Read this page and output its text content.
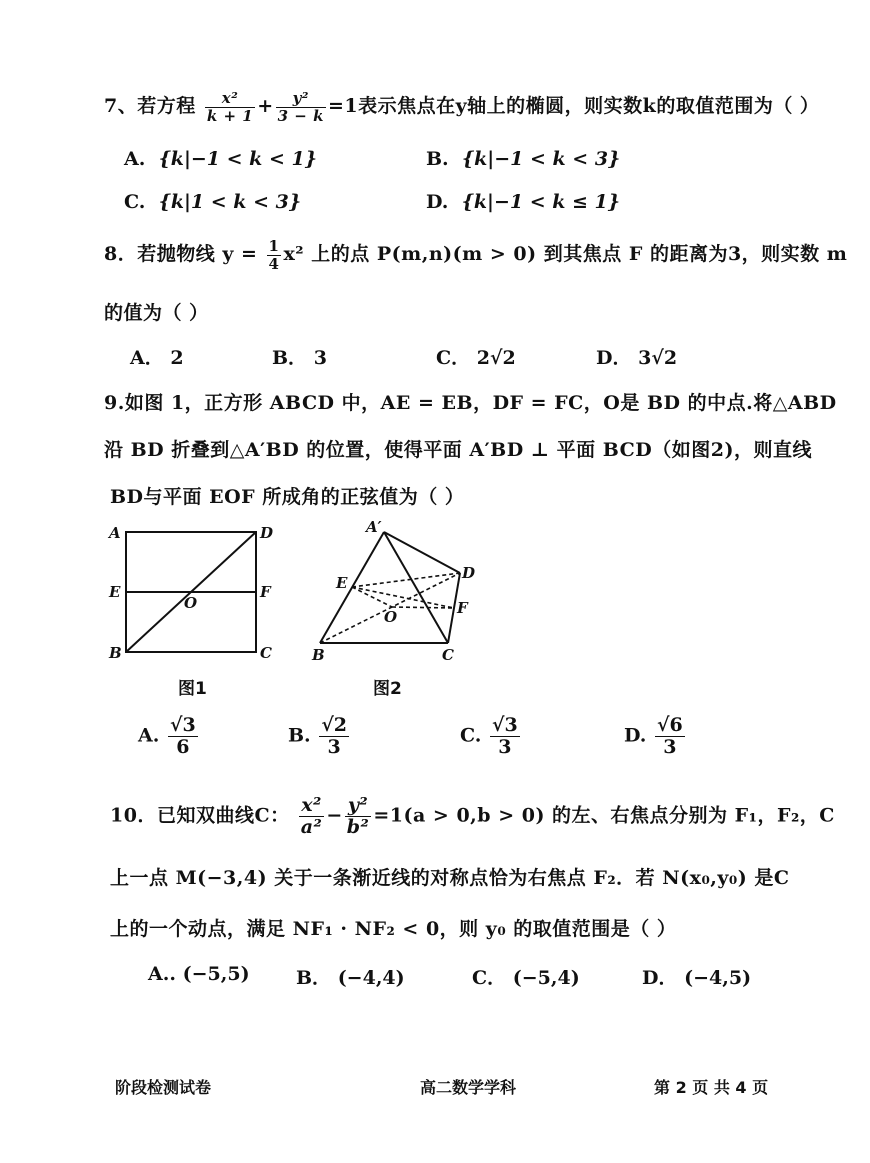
7、若方程 $\frac{\text{x²}}{k + 1} + \frac{\text{y²}}{3 - k} =1$表示焦点在y轴上的椭圆，则实数k的取值范围为（ ）
A. {k|−1 < k < 1}	B. {k|−1 < k < 3}
C. {k|1 < k < 3}	D. {k|−1 < k ≤ 1}
8．若抛物线 $y = \frac{1}{4} x^2$ 上的点 P(m,n)(m > 0) 到其焦点 F 的距离为3，则实数 m
的值为（ ）
A． 2	B． 3	C． 2√2	D． 3√2
9.如图 1，正方形 ABCD 中，AE = EB，DF = FC，O是 BD 的中点.将△ABD
沿 BD 折叠到△A′BD 的位置，使得平面 A′BD ⊥ 平面 BCD（如图2)，则直线
BD与平面 EOF 所成角的正弦值为（ ）
A	D
E
O
F
B	C
图1
A′
D
E
O	F
B	C
图2
A. $\frac{√3}{6}$	B. $\frac{√2}{3}$	C. $\frac{√3}{3}$	D. $\frac{√6}{3}$
10．已知双曲线C： $\frac{\text{x²}}{\text{a²}} - \frac{\text{y²}}{\text{b²}} =1(a > 0,b > 0)$ 的左、右焦点分别为 F₁，F₂，C
上一点 M(−3,4) 关于一条渐近线的对称点恰为右焦点 F₂．若 N(x₀,y₀) 是C
上的一个动点，满足 NF₁ · NF₂ < 0，则 y₀ 的取值范围是（ ）
A.. (−5,5) B． (−4,4)	C． (−5,4)	D． (−4,5)
阶段检测试卷	高二数学学科	第 2 页 共 4 页
